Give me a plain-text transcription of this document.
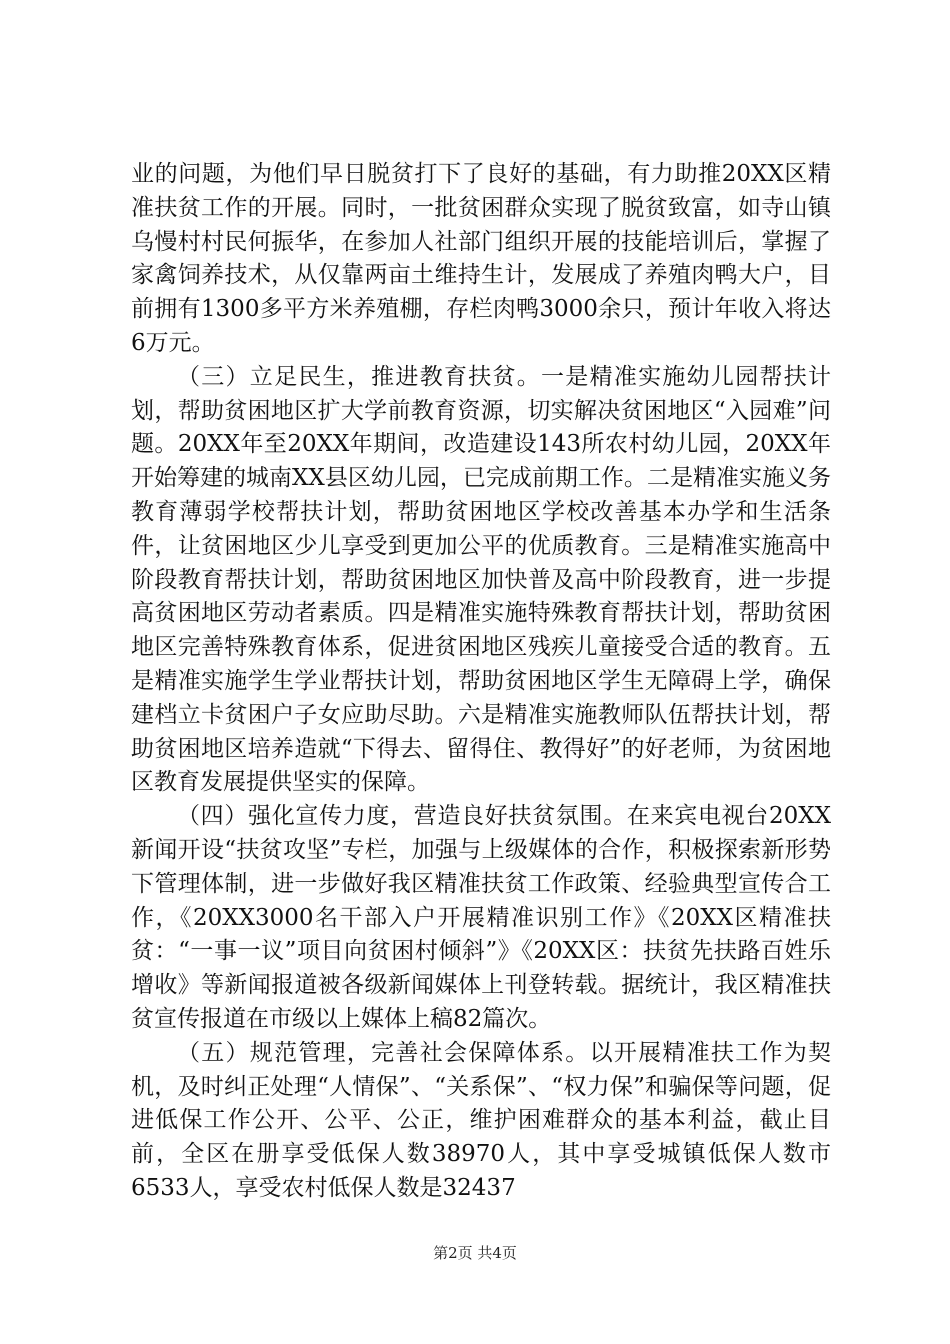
业的问题，为他们早日脱贫打下了良好的基础，有力助推20XX区精准扶贫工作的开展。同时，一批贫困群众实现了脱贫致富，如寺山镇乌慢村村民何振华，在参加人社部门组织开展的技能培训后，掌握了家禽饲养技术，从仅靠两亩土维持生计，发展成了养殖肉鸭大户，目前拥有1300多平方米养殖棚，存栏肉鸭3000余只，预计年收入将达6万元。

（三）立足民生，推进教育扶贫。一是精准实施幼儿园帮扶计划，帮助贫困地区扩大学前教育资源，切实解决贫困地区“入园难”问题。20XX年至20XX年期间，改造建设143所农村幼儿园，20XX年开始筹建的城南XX县区幼儿园，已完成前期工作。二是精准实施义务教育薄弱学校帮扶计划，帮助贫困地区学校改善基本办学和生活条件，让贫困地区少儿享受到更加公平的优质教育。三是精准实施高中阶段教育帮扶计划，帮助贫困地区加快普及高中阶段教育，进一步提高贫困地区劳动者素质。四是精准实施特殊教育帮扶计划，帮助贫困地区完善特殊教育体系，促进贫困地区残疾儿童接受合适的教育。五是精准实施学生学业帮扶计划，帮助贫困地区学生无障碍上学，确保建档立卡贫困户子女应助尽助。六是精准实施教师队伍帮扶计划，帮助贫困地区培养造就“下得去、留得住、教得好”的好老师，为贫困地区教育发展提供坚实的保障。

（四）强化宣传力度，营造良好扶贫氛围。在来宾电视台20XX新闻开设“扶贫攻坚”专栏，加强与上级媒体的合作，积极探索新形势下管理体制，进一步做好我区精准扶贫工作政策、经验典型宣传合工作，《20XX3000名干部入户开展精准识别工作》《20XX区精准扶贫：“一事一议”项目向贫困村倾斜”》《20XX区：扶贫先扶路百姓乐增收》等新闻报道被各级新闻媒体上刊登转载。据统计，我区精准扶贫宣传报道在市级以上媒体上稿82篇次。

（五）规范管理，完善社会保障体系。以开展精准扶工作为契机，及时纠正处理“人情保”、“关系保”、“权力保”和骗保等问题，促进低保工作公开、公平、公正，维护困难群众的基本利益，截止目前，全区在册享受低保人数38970人，其中享受城镇低保人数市6533人，享受农村低保人数是32437

第2页 共4页
